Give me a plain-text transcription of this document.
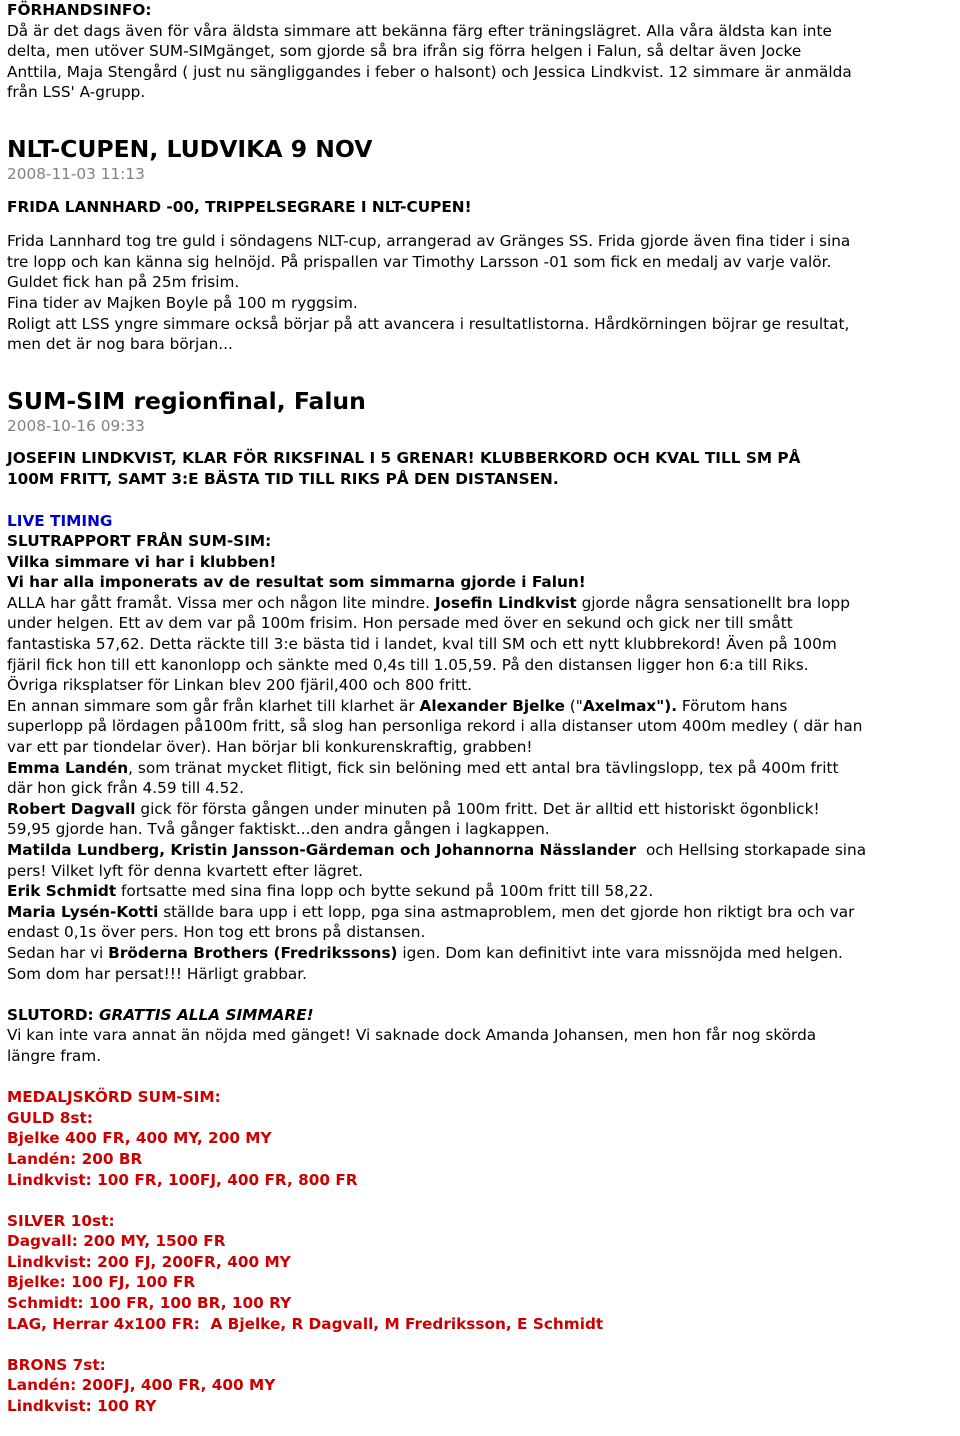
FÖRHANDSINFO:
Då är det dags även för våra äldsta simmare att bekänna färg efter träningslägret. Alla våra äldsta kan inte
delta, men utöver SUM-SIMgänget, som gjorde så bra ifrån sig förra helgen i Falun, så deltar även Jocke
Anttila, Maja Stengård ( just nu sängliggandes i feber o halsont) och Jessica Lindkvist. 12 simmare är anmälda
från LSS' A-grupp.
NLT-CUPEN, LUDVIKA 9 NOV
2008-11-03 11:13
FRIDA LANNHARD -00, TRIPPELSEGRARE I NLT-CUPEN!
Frida Lannhard tog tre guld i söndagens NLT-cup, arrangerad av Gränges SS. Frida gjorde även fina tider i sina
tre lopp och kan känna sig helnöjd. På prispallen var Timothy Larsson -01 som fick en medalj av varje valör.
Guldet fick han på 25m frisim.
Fina tider av Majken Boyle på 100 m ryggsim.
Roligt att LSS yngre simmare också börjar på att avancera i resultatlistorna. Hårdkörningen böjrar ge resultat,
men det är nog bara början...
SUM-SIM regionfinal, Falun
2008-10-16 09:33
JOSEFIN LINDKVIST, KLAR FÖR RIKSFINAL I 5 GRENAR! KLUBBERKORD OCH KVAL TILL SM PÅ
100M FRITT, SAMT 3:E BÄSTA TID TILL RIKS PÅ DEN DISTANSEN.
LIVE TIMING
SLUTRAPPORT FRÅN SUM-SIM:
Vilka simmare vi har i klubben!
Vi har alla imponerats av de resultat som simmarna gjorde i Falun!
ALLA har gått framåt. Vissa mer och någon lite mindre. Josefin Lindkvist gjorde några sensationellt bra lopp
under helgen. Ett av dem var på 100m frisim. Hon persade med över en sekund och gick ner till smått
fantastiska 57,62. Detta räckte till 3:e bästa tid i landet, kval till SM och ett nytt klubbrekord! Även på 100m
fjäril fick hon till ett kanonlopp och sänkte med 0,4s till 1.05,59. På den distansen ligger hon 6:a till Riks.
Övriga riksplatser för Linkan blev 200 fjäril,400 och 800 fritt.
En annan simmare som går från klarhet till klarhet är Alexander Bjelke ("Axelmax"). Förutom hans
superlopp på lördagen på100m fritt, så slog han personliga rekord i alla distanser utom 400m medley ( där han
var ett par tiondelar över). Han börjar bli konkurenskraftig, grabben!
Emma Landén, som tränat mycket flitigt, fick sin belöning med ett antal bra tävlingslopp, tex på 400m fritt
där hon gick från 4.59 till 4.52.
Robert Dagvall gick för första gången under minuten på 100m fritt. Det är alltid ett historiskt ögonblick!
59,95 gjorde han. Två gånger faktiskt...den andra gången i lagkappen.
Matilda Lundberg, Kristin Jansson-Gärdeman och Johannorna Nässlander  och Hellsing storkapade sina
pers! Vilket lyft för denna kvartett efter lägret.
Erik Schmidt fortsatte med sina fina lopp och bytte sekund på 100m fritt till 58,22.
Maria Lysén-Kotti ställde bara upp i ett lopp, pga sina astmaproblem, men det gjorde hon riktigt bra och var
endast 0,1s över pers. Hon tog ett brons på distansen.
Sedan har vi Bröderna Brothers (Fredrikssons) igen. Dom kan definitivt inte vara missnöjda med helgen.
Som dom har persat!!! Härligt grabbar.
SLUTORD: GRATTIS ALLA SIMMARE!
Vi kan inte vara annat än nöjda med gänget! Vi saknade dock Amanda Johansen, men hon får nog skörda
längre fram.
MEDALJSKÖRD SUM-SIM:
GULD 8st:
Bjelke 400 FR, 400 MY, 200 MY
Landén: 200 BR
Lindkvist: 100 FR, 100FJ, 400 FR, 800 FR
SILVER 10st:
Dagvall: 200 MY, 1500 FR
Lindkvist: 200 FJ, 200FR, 400 MY
Bjelke: 100 FJ, 100 FR
Schmidt: 100 FR, 100 BR, 100 RY
LAG, Herrar 4x100 FR:  A Bjelke, R Dagvall, M Fredriksson, E Schmidt
BRONS 7st:
Landén: 200FJ, 400 FR, 400 MY
Lindkvist: 100 RY
